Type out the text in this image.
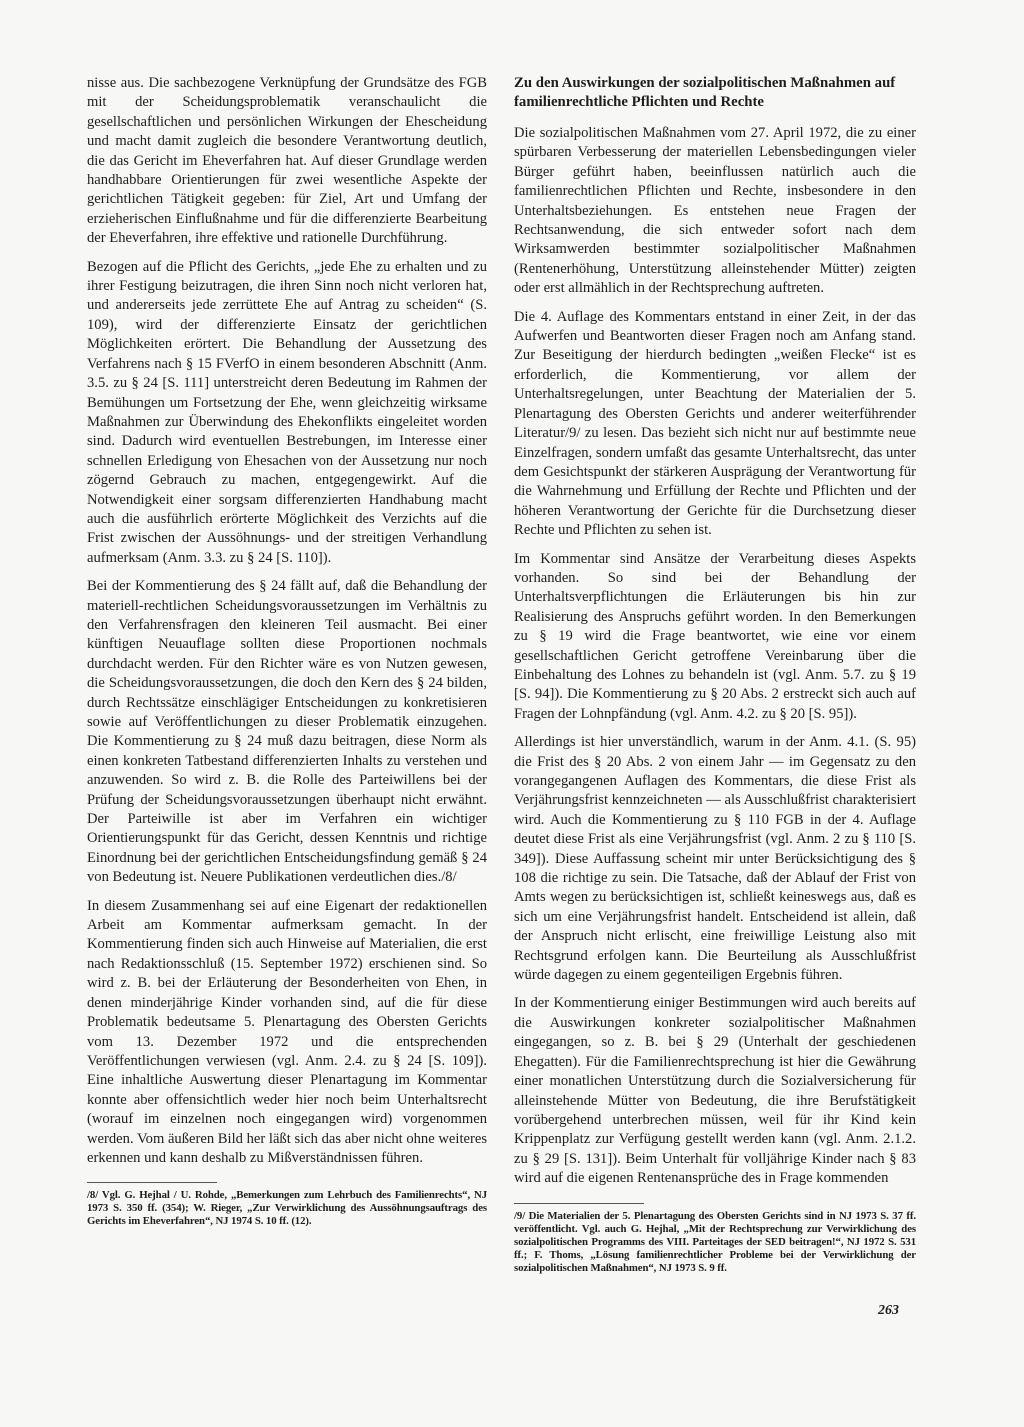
nisse aus. Die sachbezogene Verknüpfung der Grundsätze des FGB mit der Scheidungsproblematik veranschaulicht die gesellschaftlichen und persönlichen Wirkungen der Ehescheidung und macht damit zugleich die besondere Verantwortung deutlich, die das Gericht im Eheverfahren hat. Auf dieser Grundlage werden handhabbare Orientierungen für zwei wesentliche Aspekte der gerichtlichen Tätigkeit gegeben: für Ziel, Art und Umfang der erzieherischen Einflußnahme und für die differenzierte Bearbeitung der Eheverfahren, ihre effektive und rationelle Durchführung.

Bezogen auf die Pflicht des Gerichts, „jede Ehe zu erhalten und zu ihrer Festigung beizutragen, die ihren Sinn noch nicht verloren hat, und andererseits jede zerrüttete Ehe auf Antrag zu scheiden“ (S. 109), wird der differenzierte Einsatz der gerichtlichen Möglichkeiten erörtert. Die Behandlung der Aussetzung des Verfahrens nach § 15 FVerfO in einem besonderen Abschnitt (Anm. 3.5. zu § 24 [S. 111] unterstreicht deren Bedeutung im Rahmen der Bemühungen um Fortsetzung der Ehe, wenn gleichzeitig wirksame Maßnahmen zur Überwindung des Ehekonflikts eingeleitet worden sind. Dadurch wird eventuellen Bestrebungen, im Interesse einer schnellen Erledigung von Ehesachen von der Aussetzung nur noch zögernd Gebrauch zu machen, entgegengewirkt. Auf die Notwendigkeit einer sorgsam differenzierten Handhabung macht auch die ausführlich erörterte Möglichkeit des Verzichts auf die Frist zwischen der Aussöhnungs- und der streitigen Verhandlung aufmerksam (Anm. 3.3. zu § 24 [S. 110]).

Bei der Kommentierung des § 24 fällt auf, daß die Behandlung der materiell-rechtlichen Scheidungsvoraussetzungen im Verhältnis zu den Verfahrensfragen den kleineren Teil ausmacht. Bei einer künftigen Neuauflage sollten diese Proportionen nochmals durchdacht werden. Für den Richter wäre es von Nutzen gewesen, die Scheidungsvoraussetzungen, die doch den Kern des § 24 bilden, durch Rechtssätze einschlägiger Entscheidungen zu konkretisieren sowie auf Veröffentlichungen zu dieser Problematik einzugehen. Die Kommentierung zu § 24 muß dazu beitragen, diese Norm als einen konkreten Tatbestand differenzierten Inhalts zu verstehen und anzuwenden. So wird z. B. die Rolle des Parteiwillens bei der Prüfung der Scheidungsvoraussetzungen überhaupt nicht erwähnt. Der Parteiwille ist aber im Verfahren ein wichtiger Orientierungspunkt für das Gericht, dessen Kenntnis und richtige Einordnung bei der gerichtlichen Entscheidungsfindung gemäß § 24 von Bedeutung ist. Neuere Publikationen verdeutlichen dies./8/

In diesem Zusammenhang sei auf eine Eigenart der redaktionellen Arbeit am Kommentar aufmerksam gemacht. In der Kommentierung finden sich auch Hinweise auf Materialien, die erst nach Redaktionsschluß (15. September 1972) erschienen sind. So wird z. B. bei der Erläuterung der Besonderheiten von Ehen, in denen minderjährige Kinder vorhanden sind, auf die für diese Problematik bedeutsame 5. Plenartagung des Obersten Gerichts vom 13. Dezember 1972 und die entsprechenden Veröffentlichungen verwiesen (vgl. Anm. 2.4. zu § 24 [S. 109]). Eine inhaltliche Auswertung dieser Plenartagung im Kommentar konnte aber offensichtlich weder hier noch beim Unterhaltsrecht (worauf im einzelnen noch eingegangen wird) vorgenommen werden. Vom äußeren Bild her läßt sich das aber nicht ohne weiteres erkennen und kann deshalb zu Mißverständnissen führen.

/8/ Vgl. G. Hejhal / U. Rohde, „Bemerkungen zum Lehrbuch des Familienrechts“, NJ 1973 S. 350 ff. (354); W. Rieger, „Zur Verwirklichung des Aussöhnungsauftrags des Gerichts im Eheverfahren“, NJ 1974 S. 10 ff. (12).

Zu den Auswirkungen der sozialpolitischen Maßnahmen auf familienrechtliche Pflichten und Rechte

Die sozialpolitischen Maßnahmen vom 27. April 1972, die zu einer spürbaren Verbesserung der materiellen Lebensbedingungen vieler Bürger geführt haben, beeinflussen natürlich auch die familienrechtlichen Pflichten und Rechte, insbesondere in den Unterhaltsbeziehungen. Es entstehen neue Fragen der Rechtsanwendung, die sich entweder sofort nach dem Wirksamwerden bestimmter sozialpolitischer Maßnahmen (Rentenerhöhung, Unterstützung alleinstehender Mütter) zeigten oder erst allmählich in der Rechtsprechung auftreten.

Die 4. Auflage des Kommentars entstand in einer Zeit, in der das Aufwerfen und Beantworten dieser Fragen noch am Anfang stand. Zur Beseitigung der hierdurch bedingten „weißen Flecke“ ist es erforderlich, die Kommentierung, vor allem der Unterhaltsregelungen, unter Beachtung der Materialien der 5. Plenartagung des Obersten Gerichts und anderer weiterführender Literatur/9/ zu lesen. Das bezieht sich nicht nur auf bestimmte neue Einzelfragen, sondern umfaßt das gesamte Unterhaltsrecht, das unter dem Gesichtspunkt der stärkeren Ausprägung der Verantwortung für die Wahrnehmung und Erfüllung der Rechte und Pflichten und der höheren Verantwortung der Gerichte für die Durchsetzung dieser Rechte und Pflichten zu sehen ist.

Im Kommentar sind Ansätze der Verarbeitung dieses Aspekts vorhanden. So sind bei der Behandlung der Unterhaltsverpflichtungen die Erläuterungen bis hin zur Realisierung des Anspruchs geführt worden. In den Bemerkungen zu § 19 wird die Frage beantwortet, wie eine vor einem gesellschaftlichen Gericht getroffene Vereinbarung über die Einbehaltung des Lohnes zu behandeln ist (vgl. Anm. 5.7. zu § 19 [S. 94]). Die Kommentierung zu § 20 Abs. 2 erstreckt sich auch auf Fragen der Lohnpfändung (vgl. Anm. 4.2. zu § 20 [S. 95]).

Allerdings ist hier unverständlich, warum in der Anm. 4.1. (S. 95) die Frist des § 20 Abs. 2 von einem Jahr — im Gegensatz zu den vorangegangenen Auflagen des Kommentars, die diese Frist als Verjährungsfrist kennzeichneten — als Ausschlußfrist charakterisiert wird. Auch die Kommentierung zu § 110 FGB in der 4. Auflage deutet diese Frist als eine Verjährungsfrist (vgl. Anm. 2 zu § 110 [S. 349]). Diese Auffassung scheint mir unter Berücksichtigung des § 108 die richtige zu sein. Die Tatsache, daß der Ablauf der Frist von Amts wegen zu berücksichtigen ist, schließt keineswegs aus, daß es sich um eine Verjährungsfrist handelt. Entscheidend ist allein, daß der Anspruch nicht erlischt, eine freiwillige Leistung also mit Rechtsgrund erfolgen kann. Die Beurteilung als Ausschlußfrist würde dagegen zu einem gegenteiligen Ergebnis führen.

In der Kommentierung einiger Bestimmungen wird auch bereits auf die Auswirkungen konkreter sozialpolitischer Maßnahmen eingegangen, so z. B. bei § 29 (Unterhalt der geschiedenen Ehegatten). Für die Familienrechtsprechung ist hier die Gewährung einer monatlichen Unterstützung durch die Sozialversicherung für alleinstehende Mütter von Bedeutung, die ihre Berufstätigkeit vorübergehend unterbrechen müssen, weil für ihr Kind kein Krippenplatz zur Verfügung gestellt werden kann (vgl. Anm. 2.1.2. zu § 29 [S. 131]). Beim Unterhalt für volljährige Kinder nach § 83 wird auf die eigenen Rentenansprüche des in Frage kommenden

/9/ Die Materialien der 5. Plenartagung des Obersten Gerichts sind in NJ 1973 S. 37 ff. veröffentlicht. Vgl. auch G. Hejhal, „Mit der Rechtsprechung zur Verwirklichung des sozialpolitischen Programms des VIII. Parteitages der SED beitragen!“, NJ 1972 S. 531 ff.; F. Thoms, „Lösung familienrechtlicher Probleme bei der Verwirklichung der sozialpolitischen Maßnahmen“, NJ 1973 S. 9 ff.

263
